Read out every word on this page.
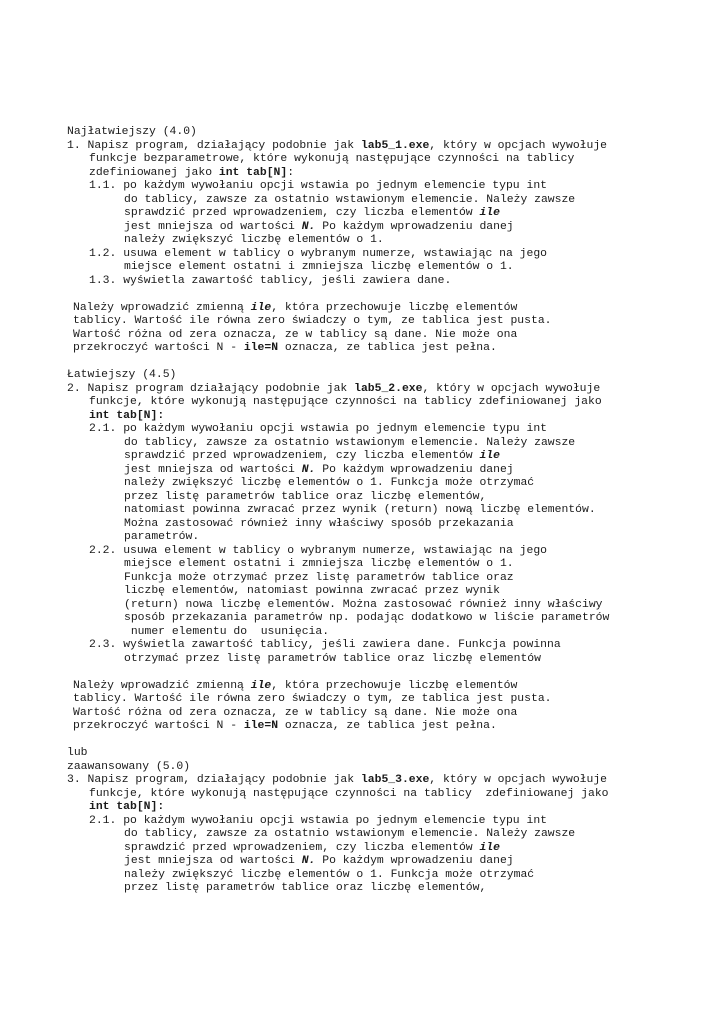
Najłatwiejszy (4.0)
1. Napisz program, działający podobnie jak lab5_1.exe, który w opcjach wywołuje
funkcje bezparametrowe, które wykonują następujące czynności na tablicy
zdefiniowanej jako int tab[N]:
1.1. po każdym wywołaniu opcji wstawia po jednym elemencie typu int
do tablicy, zawsze za ostatnio wstawionym elemencie. Należy zawsze
sprawdzić przed wprowadzeniem, czy liczba elementów ile
jest mniejsza od wartości N. Po każdym wprowadzeniu danej
należy zwiększyć liczbę elementów o 1.
1.2. usuwa element w tablicy o wybranym numerze, wstawiając na jego
miejsce element ostatni i zmniejsza liczbę elementów o 1.
1.3. wyświetla zawartość tablicy, jeśli zawiera dane.
Należy wprowadzić zmienną ile, która przechowuje liczbę elementów
tablicy. Wartość ile równa zero świadczy o tym, ze tablica jest pusta.
Wartość różna od zera oznacza, ze w tablicy są dane. Nie może ona
przekroczyć wartości N - ile=N oznacza, ze tablica jest pełna.
Łatwiejszy (4.5)
2. Napisz program działający podobnie jak lab5_2.exe, który w opcjach wywołuje
funkcje, które wykonują następujące czynności na tablicy zdefiniowanej jako
int tab[N]:
2.1. po każdym wywołaniu opcji wstawia po jednym elemencie typu int
do tablicy, zawsze za ostatnio wstawionym elemencie. Należy zawsze
sprawdzić przed wprowadzeniem, czy liczba elementów ile
jest mniejsza od wartości N. Po każdym wprowadzeniu danej
należy zwiększyć liczbę elementów o 1. Funkcja może otrzymać
przez listę parametrów tablice oraz liczbę elementów,
natomiast powinna zwracać przez wynik (return) nową liczbę elementów.
Można zastosować również inny właściwy sposób przekazania
parametrów.
2.2. usuwa element w tablicy o wybranym numerze, wstawiając na jego
miejsce element ostatni i zmniejsza liczbę elementów o 1.
Funkcja może otrzymać przez listę parametrów tablice oraz
liczbę elementów, natomiast powinna zwracać przez wynik
(return) nowa liczbę elementów. Można zastosować również inny właściwy
sposób przekazania parametrów np. podając dodatkowo w liście parametrów
numer elementu do  usunięcia.
2.3. wyświetla zawartość tablicy, jeśli zawiera dane. Funkcja powinna
otrzymać przez listę parametrów tablice oraz liczbę elementów
Należy wprowadzić zmienną ile, która przechowuje liczbę elementów
tablicy. Wartość ile równa zero świadczy o tym, ze tablica jest pusta.
Wartość różna od zera oznacza, ze w tablicy są dane. Nie może ona
przekroczyć wartości N - ile=N oznacza, ze tablica jest pełna.
lub
zaawansowany (5.0)
3. Napisz program, działający podobnie jak lab5_3.exe, który w opcjach wywołuje
funkcje, które wykonują następujące czynności na tablicy  zdefiniowanej jako
int tab[N]:
2.1. po każdym wywołaniu opcji wstawia po jednym elemencie typu int
do tablicy, zawsze za ostatnio wstawionym elemencie. Należy zawsze
sprawdzić przed wprowadzeniem, czy liczba elementów ile
jest mniejsza od wartości N. Po każdym wprowadzeniu danej
należy zwiększyć liczbę elementów o 1. Funkcja może otrzymać
przez listę parametrów tablice oraz liczbę elementów,
